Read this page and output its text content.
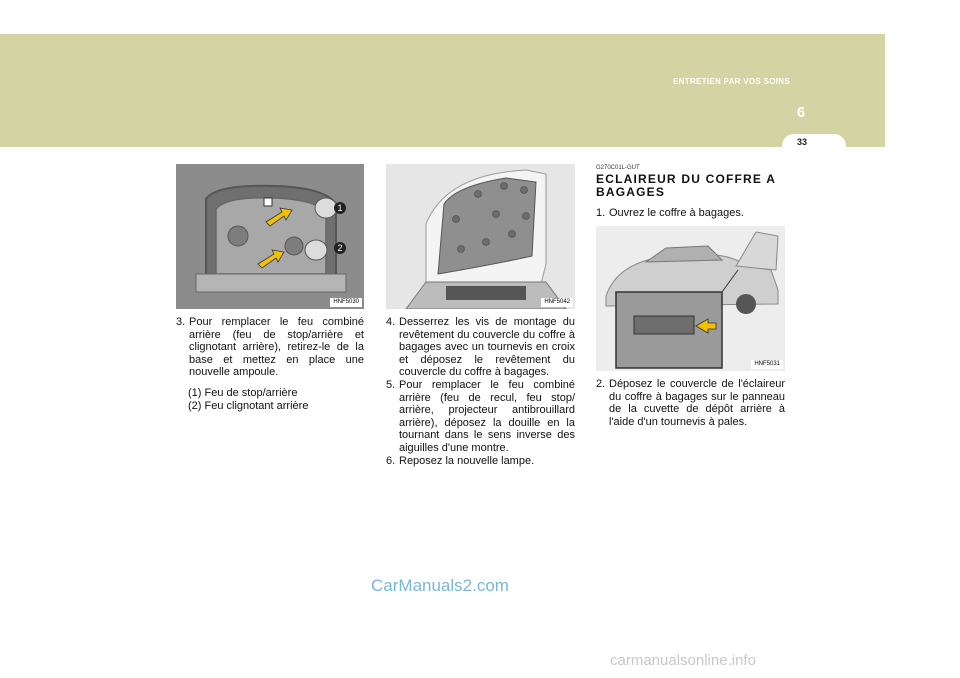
ENTRETIEN PAR VOS SOINS
6
33
1
2
HNF5030	HNF5042
HNF5031
3. Pour remplacer le feu combiné arrière (feu de stop/arrière et clignotant arrière), retirez-le de la base et mettez en place une nouvelle ampoule.
(1) Feu de stop/arrière
(2) Feu clignotant arrière
4. Desserrez les vis de montage du revêtement du couvercle du coffre à bagages avec un tournevis en croix et déposez le revêtement du couvercle du coffre à bagages.
5. Pour remplacer le feu combiné arrière (feu de recul, feu stop/ arrière, projecteur antibrouillard arrière), déposez la douille en la tournant dans le sens inverse des aiguilles d'une montre.
6. Reposez la nouvelle lampe.
G270C01L-GUT
ECLAIREUR DU COFFRE A BAGAGES
1. Ouvrez le coffre à bagages.
2. Déposez le couvercle de l'éclaireur du coffre à bagages sur le panneau de la cuvette de dépôt arrière à l'aide d'un tournevis à pales.
CarManuals2.com
carmanualsonline.info
